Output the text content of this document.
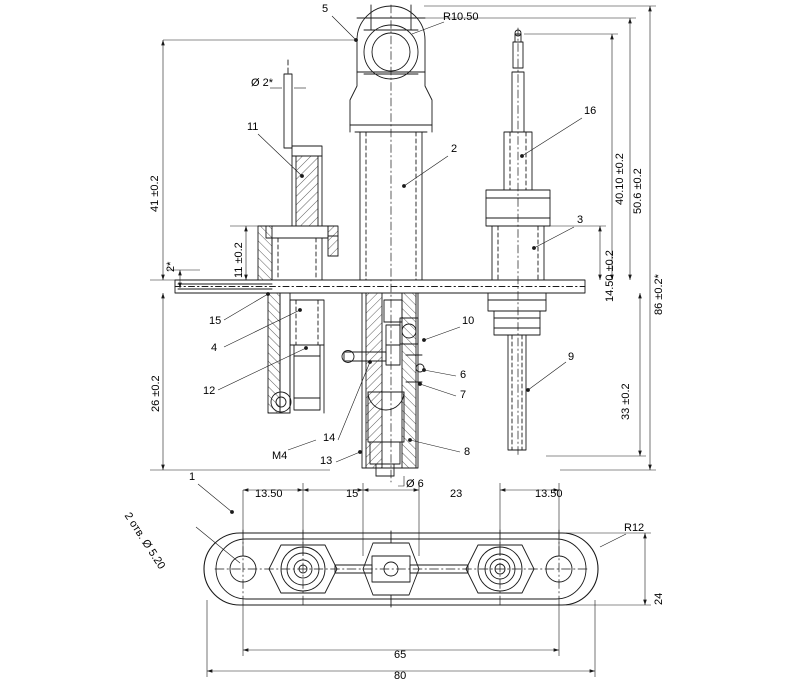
5
11
2
16
3
15
4
12
10
6
7
8
9
14
13
1
R10.50
Ø 2*
41 ±0.2
11 ±0.2
2*
26 ±0.2
40.10 ±0.2 50.6 ±0.2
14.50 ±0.2	86 ±0.2*
33 ±0.2
M4
Ø 6
13.50	15	23	13.50
2 отв. Ø 5.20	R12
24
65
80
